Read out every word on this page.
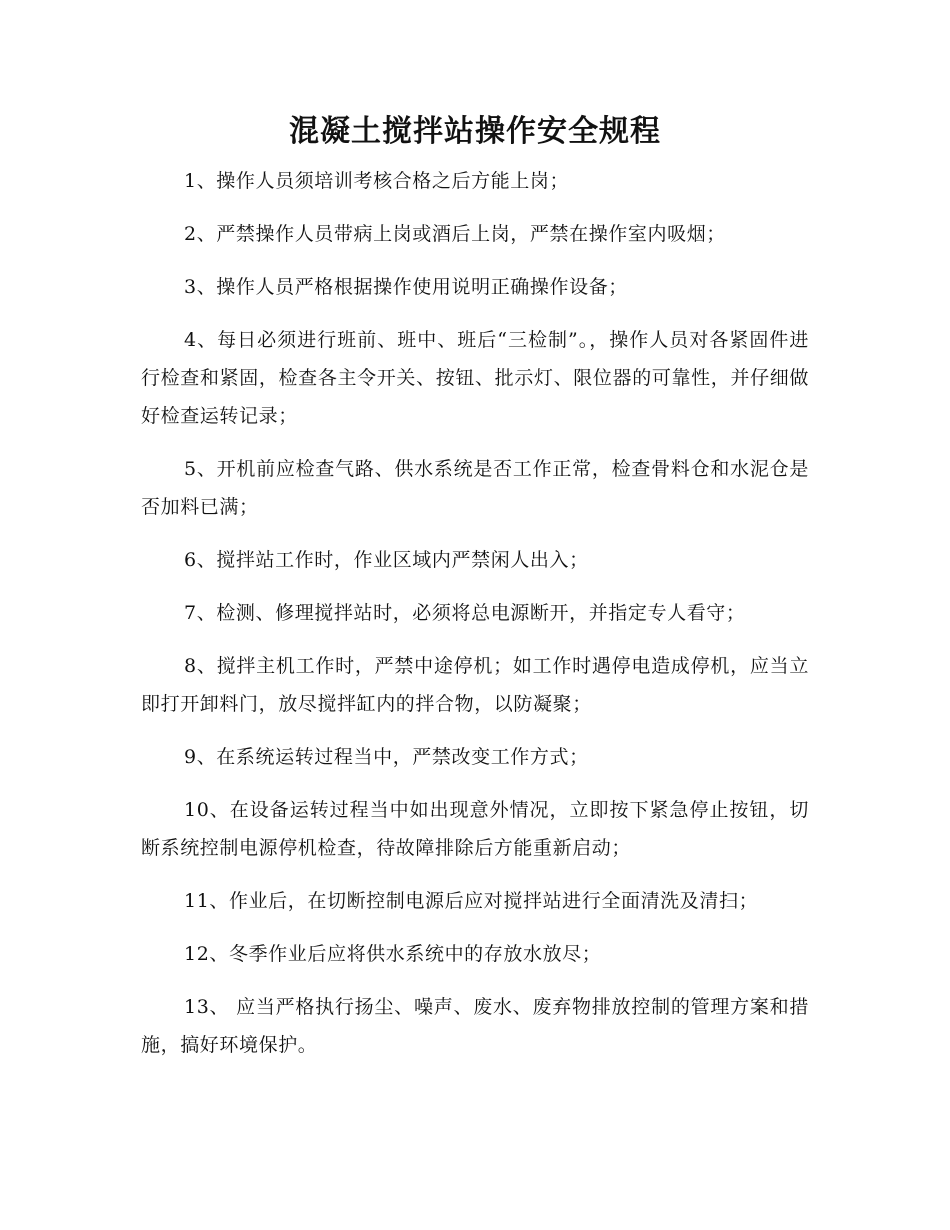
混凝土搅拌站操作安全规程

1、操作人员须培训考核合格之后方能上岗；

2、严禁操作人员带病上岗或酒后上岗，严禁在操作室内吸烟；

3、操作人员严格根据操作使用说明正确操作设备；

4、每日必须进行班前、班中、班后“三检制”。，操作人员对各紧固件进行检查和紧固，检查各主令开关、按钮、批示灯、限位器的可靠性，并仔细做好检查运转记录；

5、开机前应检查气路、供水系统是否工作正常，检查骨料仓和水泥仓是否加料已满；

6、搅拌站工作时，作业区域内严禁闲人出入；

7、检测、修理搅拌站时，必须将总电源断开，并指定专人看守；

8、搅拌主机工作时，严禁中途停机；如工作时遇停电造成停机，应当立即打开卸料门，放尽搅拌缸内的拌合物，以防凝聚；

9、在系统运转过程当中，严禁改变工作方式；

10、在设备运转过程当中如出现意外情况，立即按下紧急停止按钮，切断系统控制电源停机检查，待故障排除后方能重新启动；

11、作业后，在切断控制电源后应对搅拌站进行全面清洗及清扫；

12、冬季作业后应将供水系统中的存放水放尽；

13、 应当严格执行扬尘、噪声、废水、废弃物排放控制的管理方案和措施，搞好环境保护。
